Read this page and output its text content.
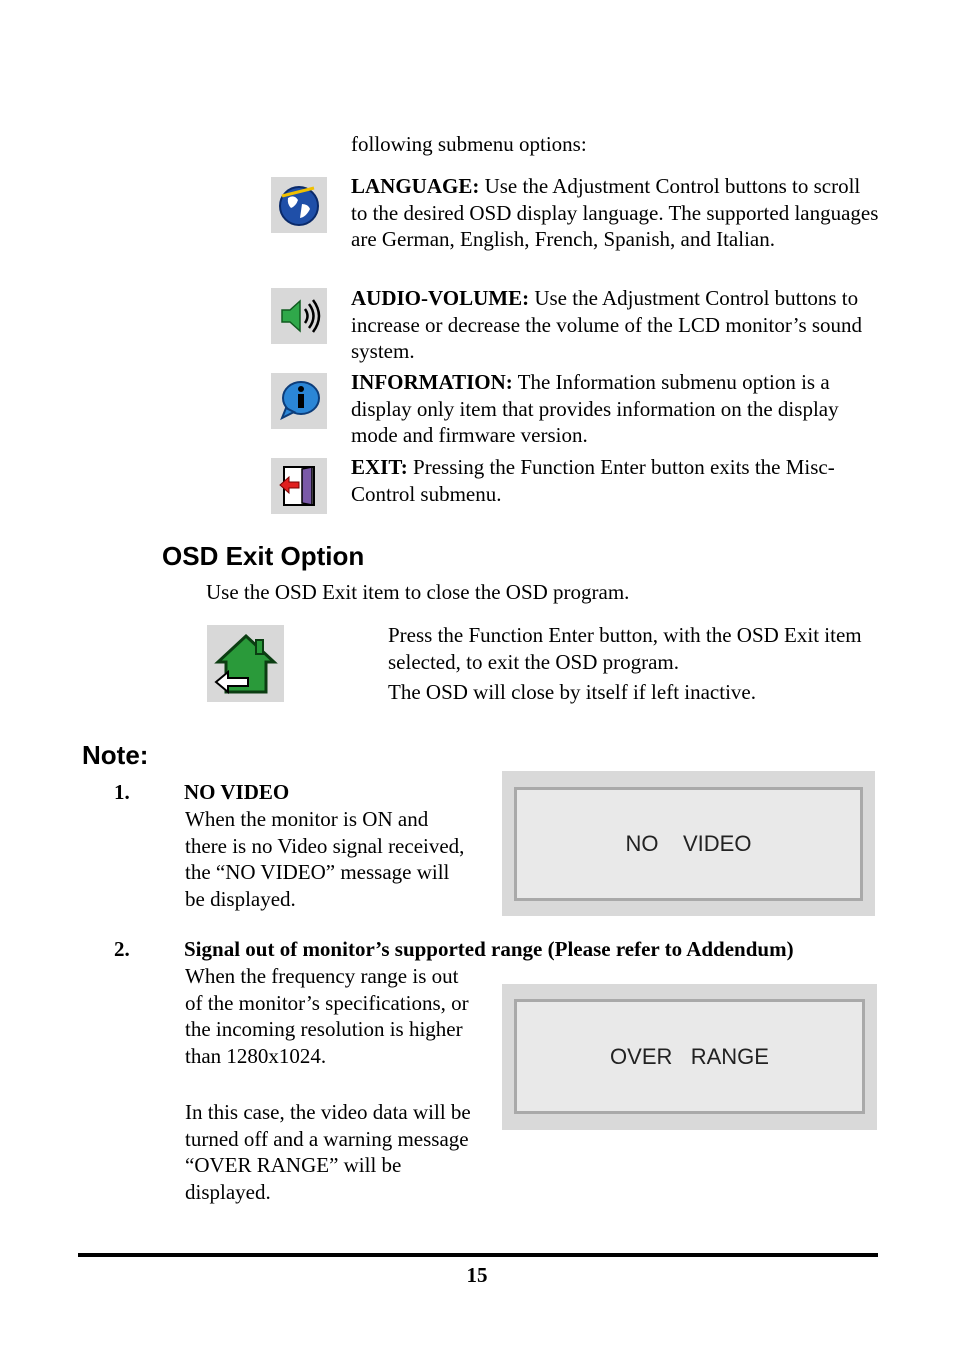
following submenu options:
LANGUAGE: Use the Adjustment Control buttons to scroll to the desired OSD display language. The supported languages are German, English, French, Spanish, and Italian.
AUDIO-VOLUME: Use the Adjustment Control buttons to increase or decrease the volume of the LCD monitor’s sound system.
INFORMATION: The Information submenu option is a display only item that provides information on the display mode and firmware version.
EXIT: Pressing the Function Enter button exits the Misc-Control submenu.
OSD Exit Option
Use the OSD Exit item to close the OSD program.
Press the Function Enter button, with the OSD Exit item selected, to exit the OSD program.
The OSD will close by itself if left inactive.
Note:
1.	NO VIDEO
When the monitor is ON and there is no Video signal received, the “NO VIDEO” message will be displayed.
NO    VIDEO
2.	Signal out of monitor’s supported range (Please refer to Addendum)
When the frequency range is out of the monitor’s specifications, or the incoming resolution is higher than 1280x1024.
In this case, the video data will be turned off and a warning message “OVER RANGE” will be displayed.
OVER   RANGE
15
